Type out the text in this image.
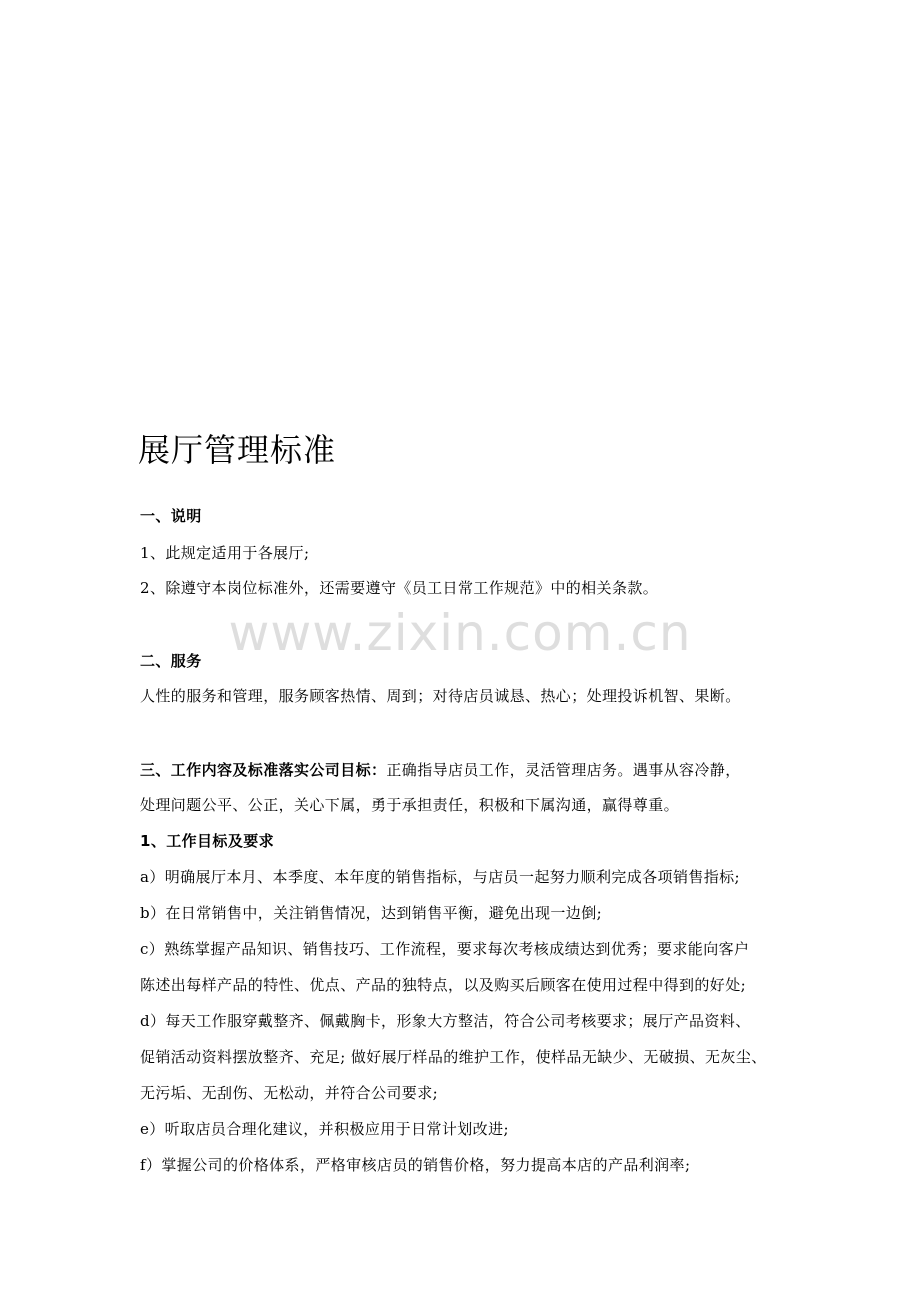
www.zixin.com.cn
展厅管理标准
一、说明
1、此规定适用于各展厅;
2、除遵守本岗位标准外，还需要遵守《员工日常工作规范》中的相关条款。
二、服务
人性的服务和管理，服务顾客热情、周到；对待店员诚恳、热心；处理投诉机智、果断。
三、工作内容及标准落实公司目标：正确指导店员工作，灵活管理店务。遇事从容冷静，
处理问题公平、公正，关心下属，勇于承担责任，积极和下属沟通，赢得尊重。
1、工作目标及要求
a）明确展厅本月、本季度、本年度的销售指标，与店员一起努力顺利完成各项销售指标;
b）在日常销售中，关注销售情况，达到销售平衡，避免出现一边倒;
c）熟练掌握产品知识、销售技巧、工作流程，要求每次考核成绩达到优秀；要求能向客户
陈述出每样产品的特性、优点、产品的独特点，以及购买后顾客在使用过程中得到的好处;
d）每天工作服穿戴整齐、佩戴胸卡，形象大方整洁，符合公司考核要求；展厅产品资料、
促销活动资料摆放整齐、充足; 做好展厅样品的维护工作，使样品无缺少、无破损、无灰尘、
无污垢、无刮伤、无松动，并符合公司要求;
e）听取店员合理化建议，并积极应用于日常计划改进;
f）掌握公司的价格体系，严格审核店员的销售价格，努力提高本店的产品利润率;
